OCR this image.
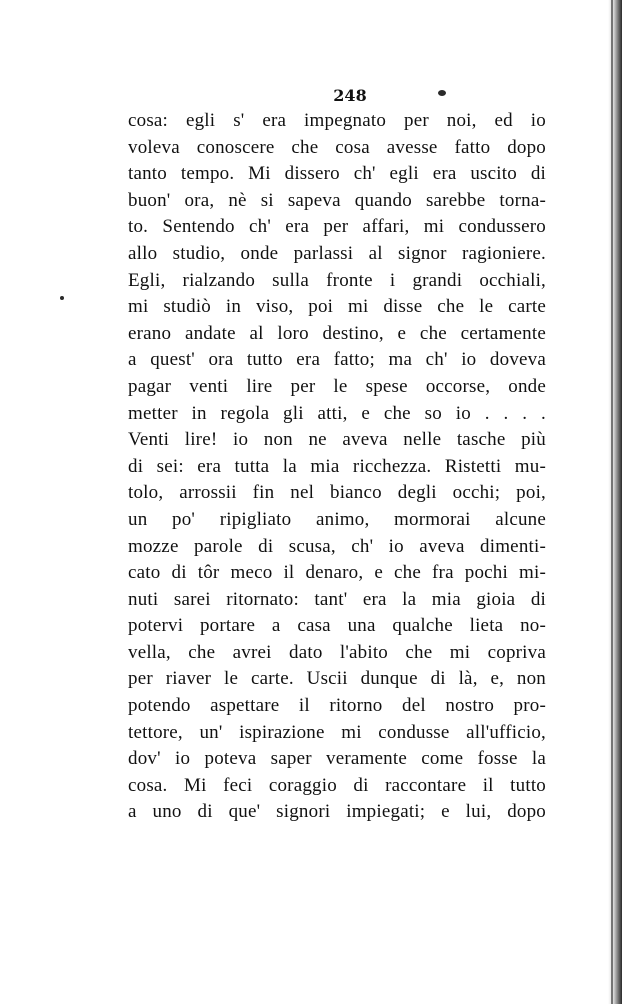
248
cosa: egli s' era impegnato per noi, ed io
voleva conoscere che cosa avesse fatto dopo
tanto tempo. Mi dissero ch' egli era uscito di
buon' ora, nè si sapeva quando sarebbe torna-
to. Sentendo ch' era per affari, mi condussero
allo studio, onde parlassi al signor ragioniere.
Egli, rialzando sulla fronte i grandi occhiali,
mi studiò in viso, poi mi disse che le carte
erano andate al loro destino, e che certamente
a quest' ora tutto era fatto; ma ch' io doveva
pagar venti lire per le spese occorse, onde
metter in regola gli atti, e che so io . . . .
Venti lire! io non ne aveva nelle tasche più
di sei: era tutta la mia ricchezza. Ristetti mu-
tolo, arrossii fin nel bianco degli occhi; poi,
un po' ripigliato animo, mormorai alcune
mozze parole di scusa, ch' io aveva dimenti-
cato di tôr meco il denaro, e che fra pochi mi-
nuti sarei ritornato: tant' era la mia gioia di
potervi portare a casa una qualche lieta no-
vella, che avrei dato l'abito che mi copriva
per riaver le carte. Uscii dunque di là, e, non
potendo aspettare il ritorno del nostro pro-
tettore, un' ispirazione mi condusse all'ufficio,
dov' io poteva saper veramente come fosse la
cosa. Mi feci coraggio di raccontare il tutto
a uno di que' signori impiegati; e lui, dopo
